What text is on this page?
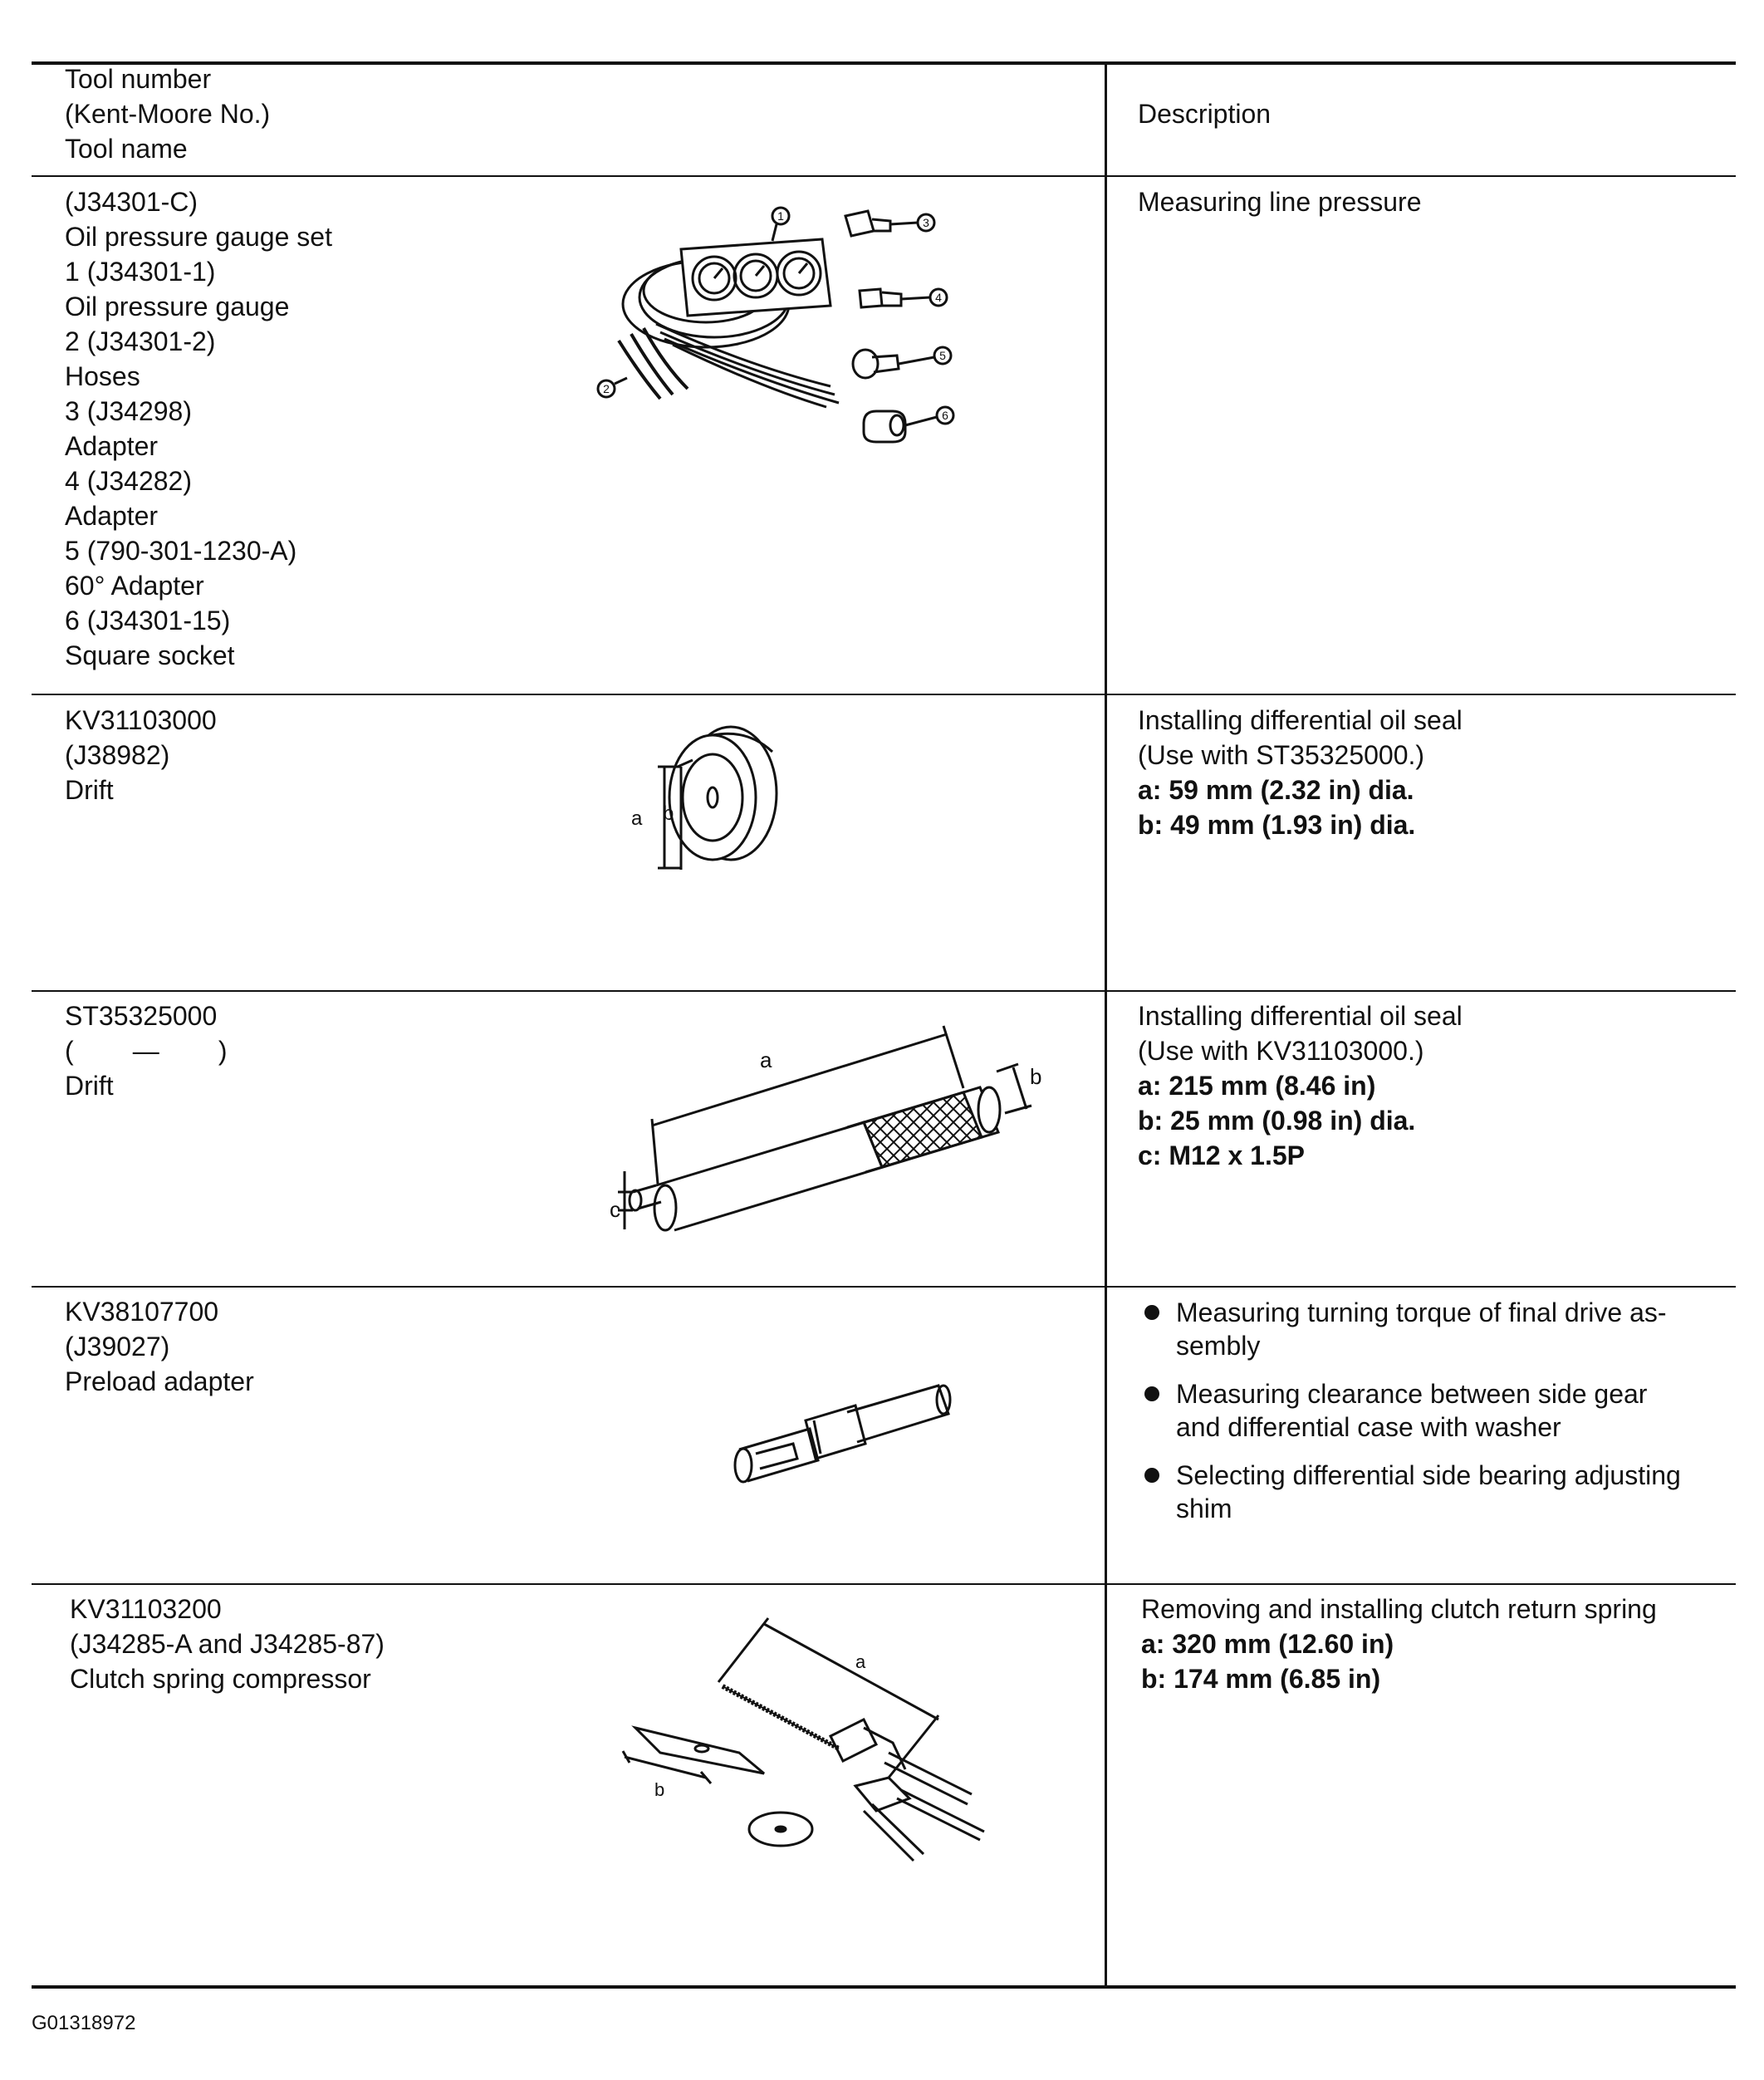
Tool number
(Kent-Moore No.)
Tool name
Description
(J34301-C)
Oil pressure gauge set
1 (J34301-1)
Oil pressure gauge
2 (J34301-2)
Hoses
3 (J34298)
Adapter
4 (J34282)
Adapter
5 (790-301-1230-A)
60° Adapter
6 (J34301-15)
Square socket
Measuring line pressure
1
2
3
4
5
6
KV31103000
(J38982)
Drift
Installing differential oil seal
(Use with ST35325000.)
a: 59 mm (2.32 in) dia.
b: 49 mm (1.93 in) dia.
a b
ST35325000
(        —        )
Drift
Installing differential oil seal
(Use with KV31103000.)
a: 215 mm (8.46 in)
b: 25 mm (0.98 in) dia.
c: M12 x 1.5P
a
b
c
KV38107700
(J39027)
Preload adapter
Measuring turning torque of final drive as-
sembly
Measuring clearance between side gear
and differential case with washer
Selecting differential side bearing adjusting
shim
KV31103200
(J34285-A and J34285-87)
Clutch spring compressor
Removing and installing clutch return spring
a: 320 mm (12.60 in)
b: 174 mm (6.85 in)
a
b
G01318972
